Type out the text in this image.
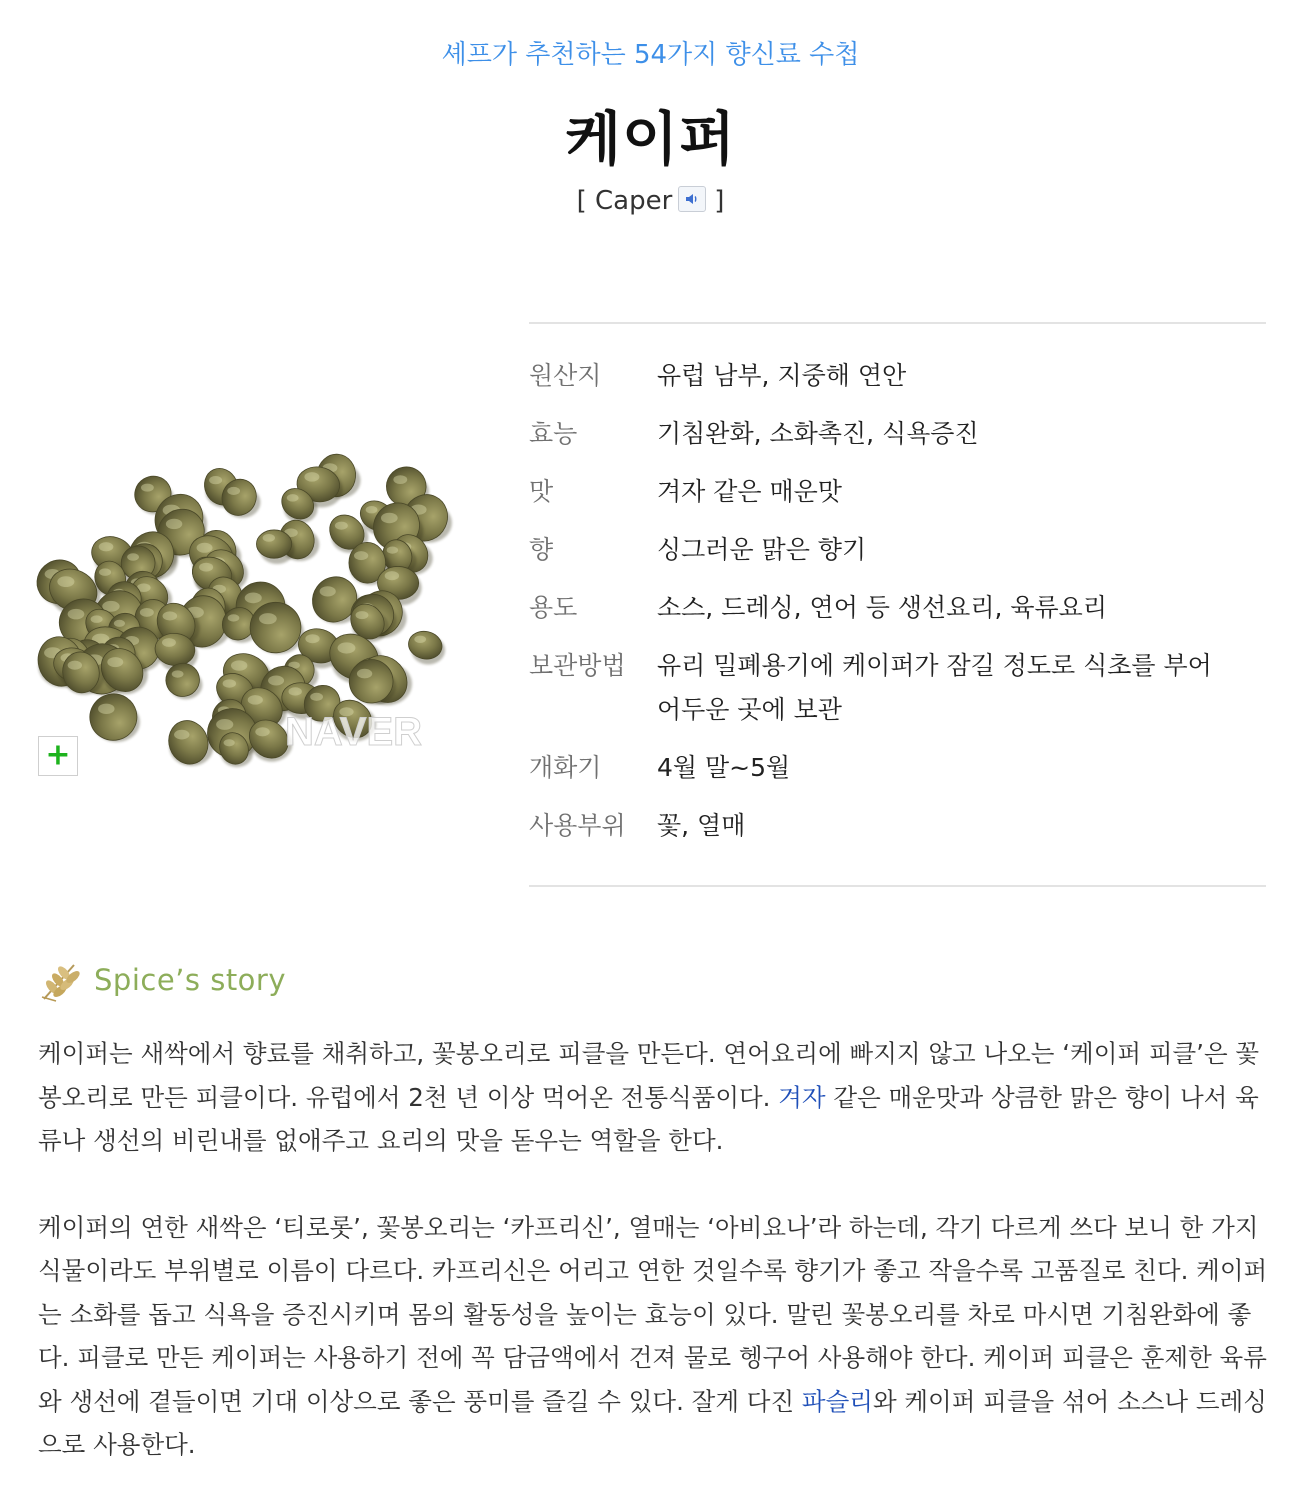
셰프가 추천하는 54가지 향신료 수첩
케이퍼
[ Caper ]
NAVER
+
원산지	유럽 남부, 지중해 연안
효능	기침완화, 소화촉진, 식욕증진
맛	겨자 같은 매운맛
향	싱그러운 맑은 향기
용도	소스, 드레싱, 연어 등 생선요리, 육류요리
보관방법	유리 밀폐용기에 케이퍼가 잠길 정도로 식초를 부어
어두운 곳에 보관
개화기	4월 말~5월
사용부위	꽃, 열매
Spice’s story

케이퍼는 새싹에서 향료를 채취하고, 꽃봉오리로 피클을 만든다. 연어요리에 빠지지 않고 나오는 ‘케이퍼 피클’은 꽃봉오리로 만든 피클이다. 유럽에서 2천 년 이상 먹어온 전통식품이다. 겨자 같은 매운맛과 상큼한 맑은 향이 나서 육류나 생선의 비린내를 없애주고 요리의 맛을 돋우는 역할을 한다.

케이퍼의 연한 새싹은 ‘티로롯’, 꽃봉오리는 ‘카프리신’, 열매는 ‘아비요나’라 하는데, 각기 다르게 쓰다 보니 한 가지 식물이라도 부위별로 이름이 다르다. 카프리신은 어리고 연한 것일수록 향기가 좋고 작을수록 고품질로 친다. 케이퍼는 소화를 돕고 식욕을 증진시키며 몸의 활동성을 높이는 효능이 있다. 말린 꽃봉오리를 차로 마시면 기침완화에 좋다. 피클로 만든 케이퍼는 사용하기 전에 꼭 담금액에서 건져 물로 헹구어 사용해야 한다. 케이퍼 피클은 훈제한 육류와 생선에 곁들이면 기대 이상으로 좋은 풍미를 즐길 수 있다. 잘게 다진 파슬리와 케이퍼 피클을 섞어 소스나 드레싱으로 사용한다.
